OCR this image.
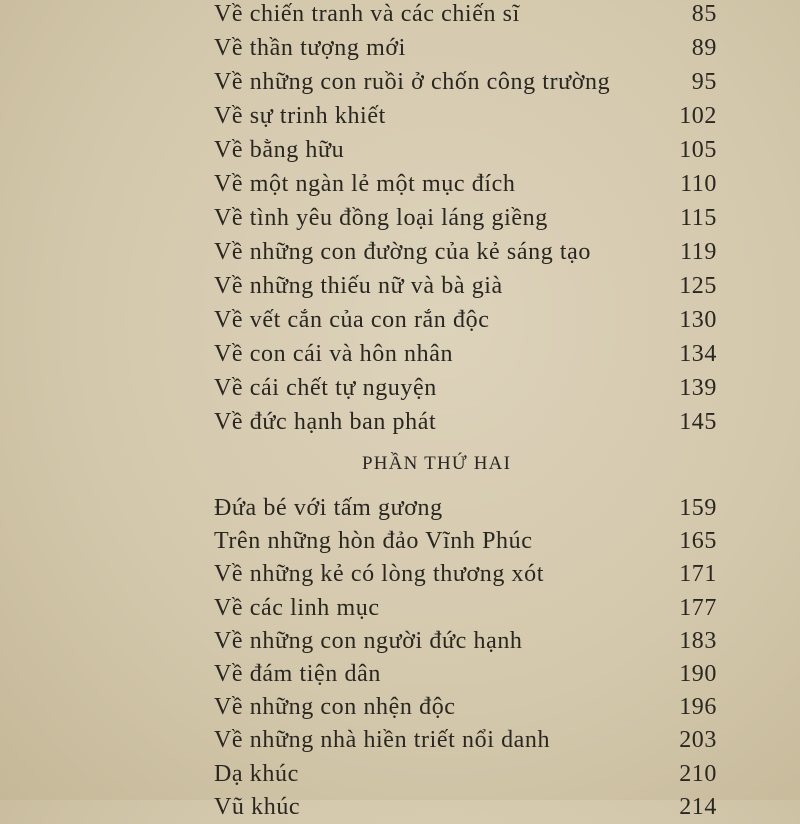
Về chiến tranh và các chiến sĩ	85
Về thần tượng mới	89
Về những con ruồi ở chốn công trường	95
Về sự trinh khiết	102
Về bằng hữu	105
Về một ngàn lẻ một mục đích	110
Về tình yêu đồng loại láng giềng	115
Về những con đường của kẻ sáng tạo	119
Về những thiếu nữ và bà già	125
Về vết cắn của con rắn độc	130
Về con cái và hôn nhân	134
Về cái chết tự nguyện	139
Về đức hạnh ban phát	145
PHẦN THỨ HAI
Đứa bé với tấm gương	159
Trên những hòn đảo Vĩnh Phúc	165
Về những kẻ có lòng thương xót	171
Về các linh mục	177
Về những con người đức hạnh	183
Về đám tiện dân	190
Về những con nhện độc	196
Về những nhà hiền triết nổi danh	203
Dạ khúc	210
Vũ khúc	214
